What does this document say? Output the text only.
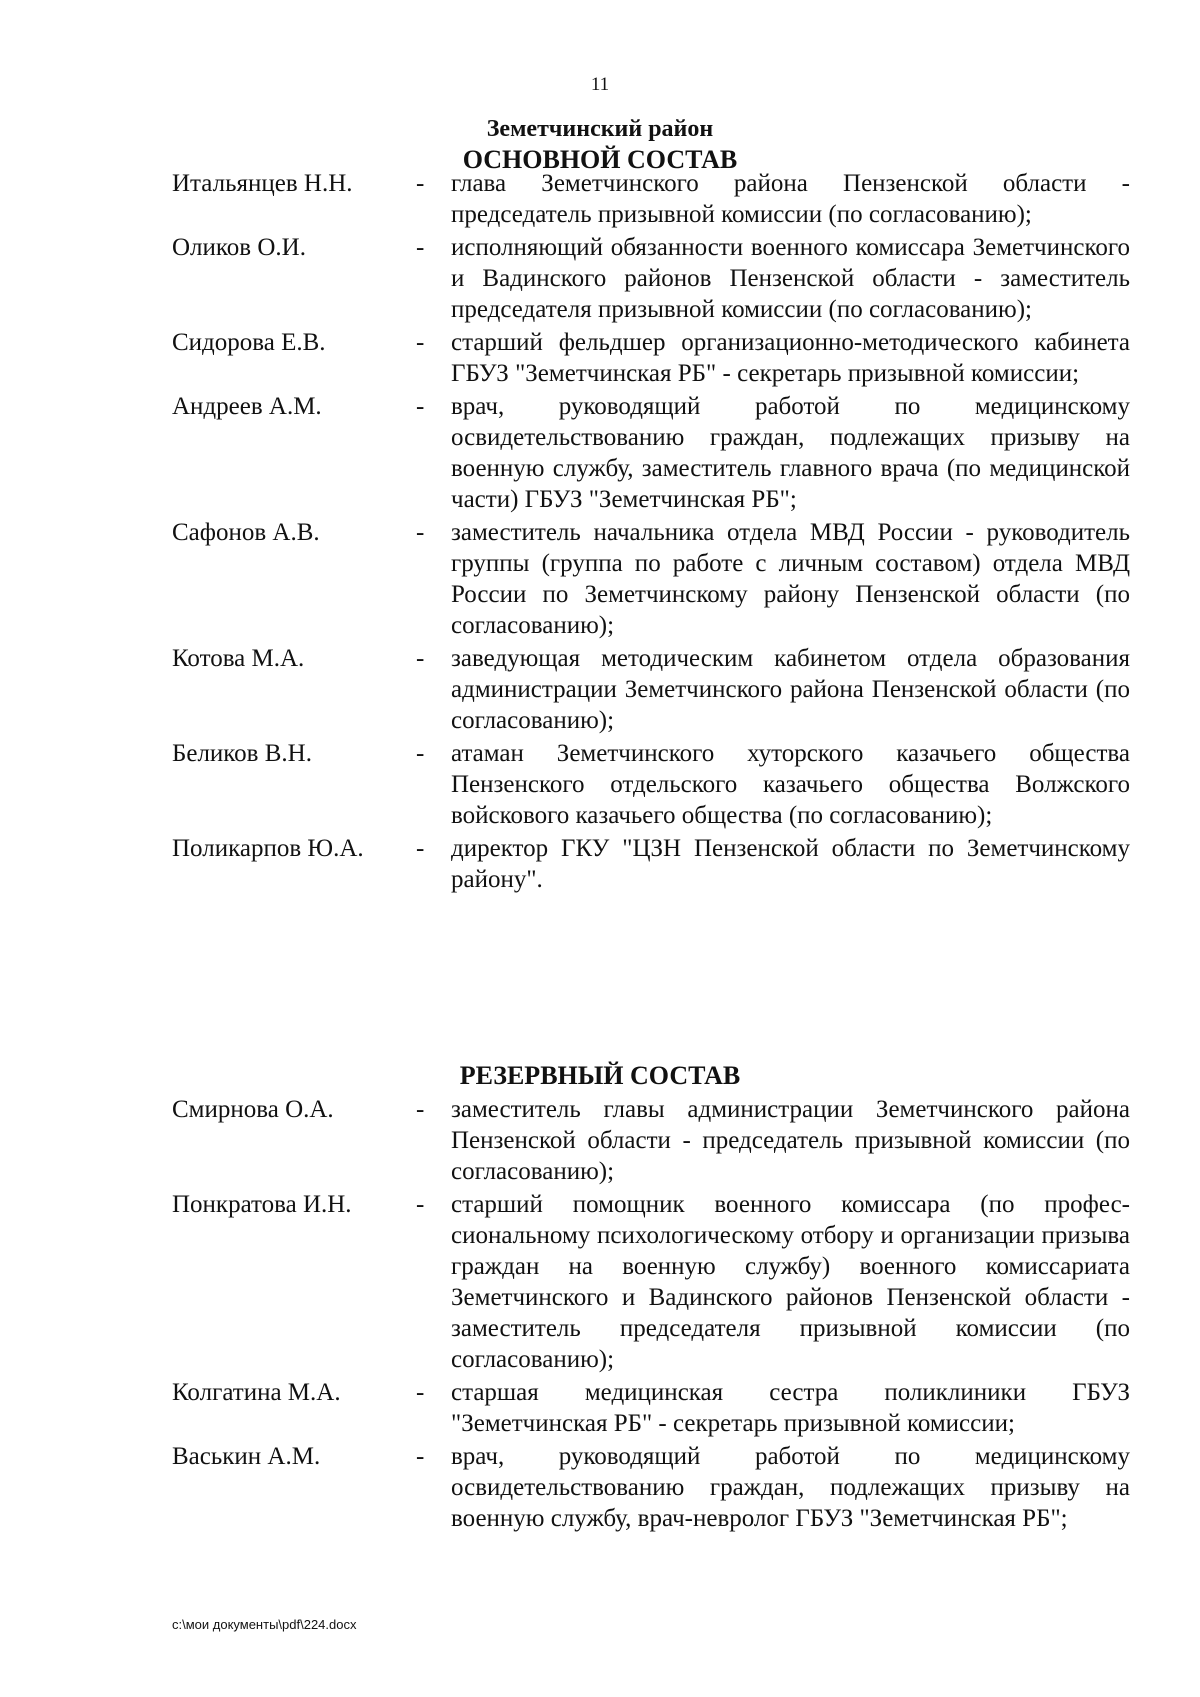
11
Земетчинский район
ОСНОВНОЙ СОСТАВ
Итальянцев Н.Н.	- глава Земетчинского района Пензенской области - председатель призывной комиссии (по согласованию);
Оликов О.И.	- исполняющий обязанности военного комиссара Земетчинского и Вадинского районов Пензенской области - заместитель председателя призывной комиссии (по согласованию);
Сидорова Е.В.	- старший фельдшер организационно-методического кабинета ГБУЗ "Земетчинская РБ" - секретарь призывной комиссии;
Андреев А.М.	- врач, руководящий работой по медицинскому освидетельствованию граждан, подлежащих призыву на военную службу, заместитель главного врача (по медицинской части) ГБУЗ "Земетчинская РБ";
Сафонов А.В.	- заместитель начальника отдела МВД России - руководитель группы (группа по работе с личным составом) отдела МВД России по Земетчинскому району Пензенской области (по согласованию);
Котова М.А.	- заведующая методическим кабинетом отдела образования администрации Земетчинского района Пензенской области (по согласованию);
Беликов В.Н.	- атаман Земетчинского хуторского казачьего общества Пензенского отдельского казачьего общества Волжского войскового казачьего общества (по согласованию);
Поликарпов Ю.А. - директор ГКУ "ЦЗН Пензенской области по Земетчинскому району".
РЕЗЕРВНЫЙ СОСТАВ
Смирнова О.А.	- заместитель главы администрации Земетчинского района Пензенской области - председатель призывной комиссии (по согласованию);
Понкратова И.Н.	- старший помощник военного комиссара (по профессиональному психологическому отбору и организации призыва граждан на военную службу) военного комиссариата Земетчинского и Вадинского районов Пензенской области - заместитель председателя призывной комиссии (по согласованию);
Колгатина М.А.	- старшая медицинская сестра поликлиники ГБУЗ "Земетчинская РБ" - секретарь призывной комиссии;
Васькин А.М.	- врач, руководящий работой по медицинскому освидетельствованию граждан, подлежащих призыву на военную службу, врач-невролог ГБУЗ "Земетчинская РБ";
c:\мои документы\pdf\224.docx
